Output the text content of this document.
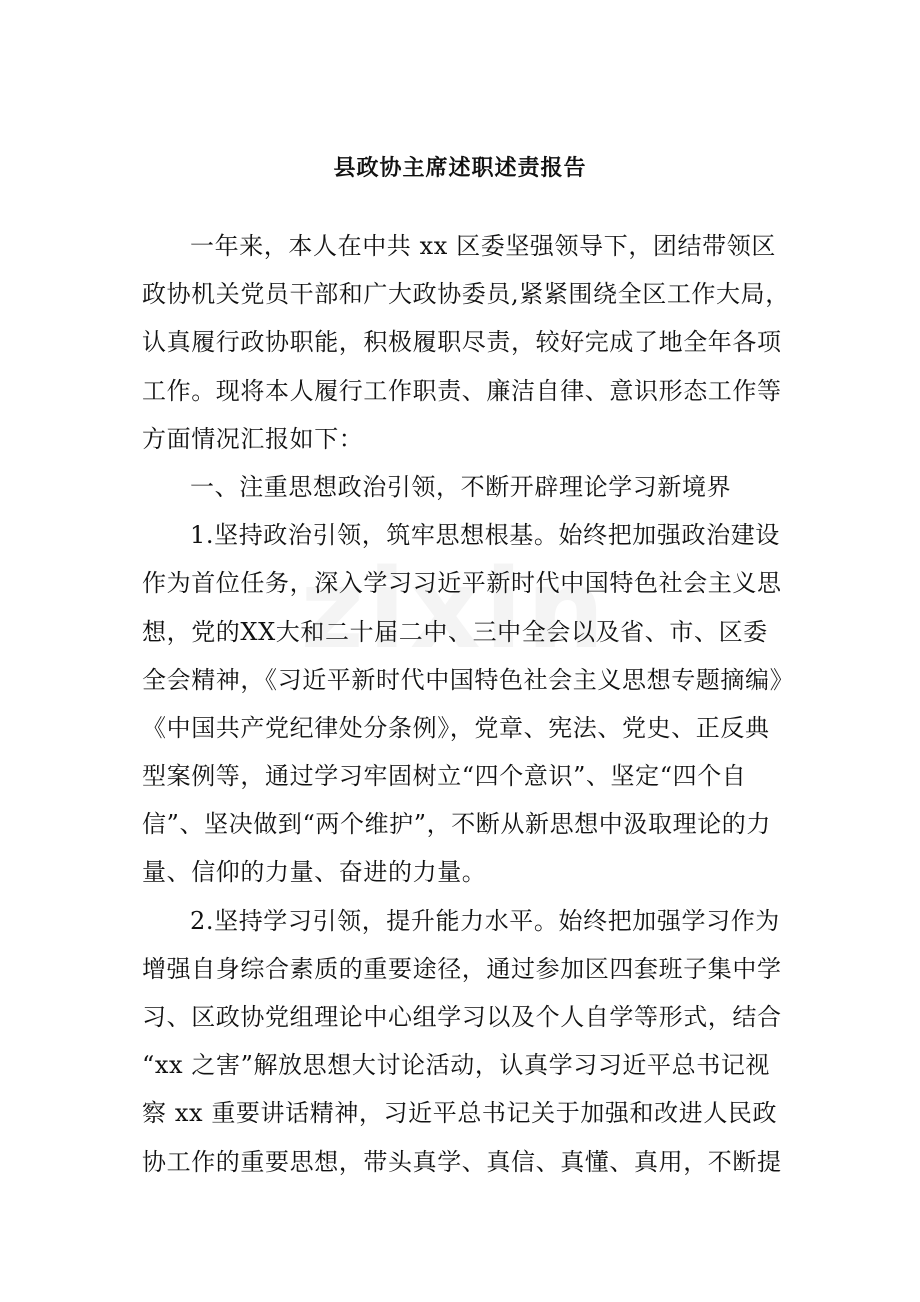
县政协主席述职述责报告
一年来，本人在中共 xx 区委坚强领导下，团结带领区
政协机关党员干部和广大政协委员,紧紧围绕全区工作大局，
认真履行政协职能，积极履职尽责，较好完成了地全年各项
工作。现将本人履行工作职责、廉洁自律、意识形态工作等
方面情况汇报如下：
一、注重思想政治引领，不断开辟理论学习新境界
1.坚持政治引领，筑牢思想根基。始终把加强政治建设
作为首位任务，深入学习习近平新时代中国特色社会主义思
想，党的XX大和二十届二中、三中全会以及省、市、区委
全会精神，《习近平新时代中国特色社会主义思想专题摘编》
《中国共产党纪律处分条例》，党章、宪法、党史、正反典
型案例等，通过学习牢固树立“四个意识”、坚定“四个自
信”、坚决做到“两个维护”，不断从新思想中汲取理论的力
量、信仰的力量、奋进的力量。
2.坚持学习引领，提升能力水平。始终把加强学习作为
增强自身综合素质的重要途径，通过参加区四套班子集中学
习、区政协党组理论中心组学习以及个人自学等形式，结合
“xx 之害”解放思想大讨论活动，认真学习习近平总书记视
察 xx 重要讲话精神，习近平总书记关于加强和改进人民政
协工作的重要思想，带头真学、真信、真懂、真用，不断提
